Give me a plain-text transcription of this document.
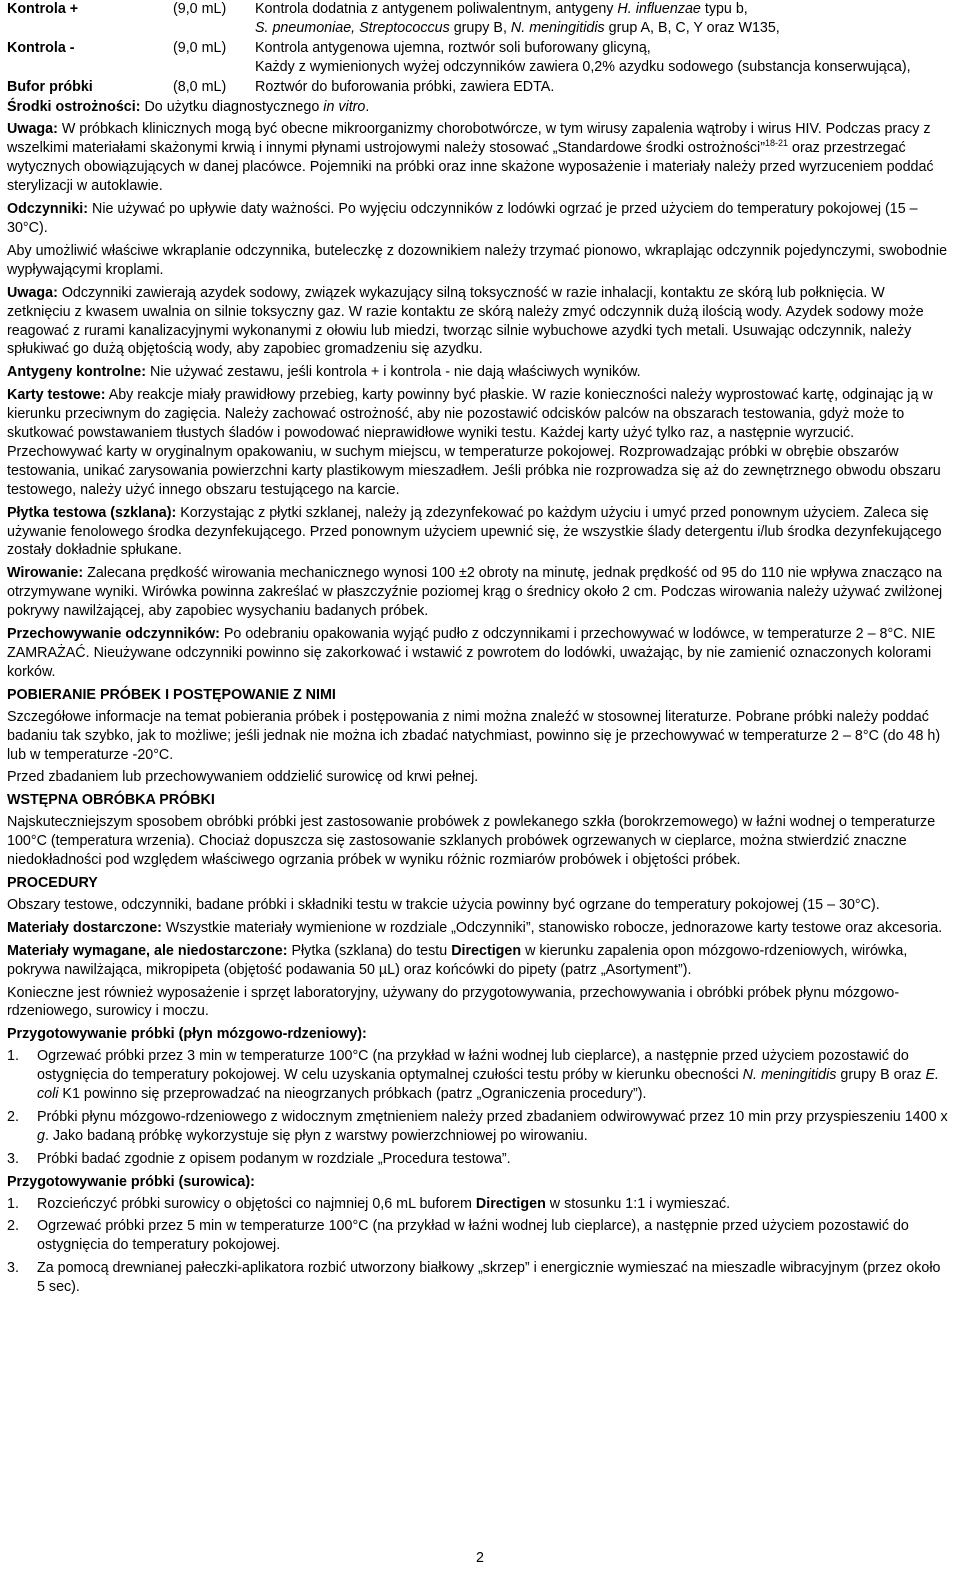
Kontrola +	(9,0 mL)	Kontrola dodatnia z antygenem poliwalentnym, antygeny H. influenzae typu b,
S. pneumoniae, Streptococcus grupy B, N. meningitidis grup A, B, C, Y oraz W135,
Kontrola -	(9,0 mL)	Kontrola antygenowa ujemna, roztwór soli buforowany glicyną,
Każdy z wymienionych wyżej odczynników zawiera 0,2% azydku sodowego (substancja konserwująca),
Bufor próbki	(8,0 mL)	Roztwór do buforowania próbki, zawiera EDTA.

Środki ostrożności: Do użytku diagnostycznego in vitro.

Uwaga: W próbkach klinicznych mogą być obecne mikroorganizmy chorobotwórcze, w tym wirusy zapalenia wątroby i wirus HIV. Podczas pracy z wszelkimi materiałami skażonymi krwią i innymi płynami ustrojowymi należy stosować „Standardowe środki ostrożności”$^{18-21}$ oraz przestrzegać wytycznych obowiązujących w danej placówce. Pojemniki na próbki oraz inne skażone wyposażenie i materiały należy przed wyrzuceniem poddać sterylizacji w autoklawie.

Odczynniki: Nie używać po upływie daty ważności. Po wyjęciu odczynników z lodówki ogrzać je przed użyciem do temperatury pokojowej (15 – 30°C).

Aby umożliwić właściwe wkraplanie odczynnika, buteleczkę z dozownikiem należy trzymać pionowo, wkraplając odczynnik pojedynczymi, swobodnie wypływającymi kroplami.

Uwaga: Odczynniki zawierają azydek sodowy, związek wykazujący silną toksyczność w razie inhalacji, kontaktu ze skórą lub połknięcia. W zetknięciu z kwasem uwalnia on silnie toksyczny gaz. W razie kontaktu ze skórą należy zmyć odczynnik dużą ilością wody. Azydek sodowy może reagować z rurami kanalizacyjnymi wykonanymi z ołowiu lub miedzi, tworząc silnie wybuchowe azydki tych metali. Usuwając odczynnik, należy spłukiwać go dużą objętością wody, aby zapobiec gromadzeniu się azydku.

Antygeny kontrolne: Nie używać zestawu, jeśli kontrola + i kontrola - nie dają właściwych wyników.

Karty testowe: Aby reakcje miały prawidłowy przebieg, karty powinny być płaskie. W razie konieczności należy wyprostować kartę, odginając ją w kierunku przeciwnym do zagięcia. Należy zachować ostrożność, aby nie pozostawić odcisków palców na obszarach testowania, gdyż może to skutkować powstawaniem tłustych śladów i powodować nieprawidłowe wyniki testu. Każdej karty użyć tylko raz, a następnie wyrzucić. Przechowywać karty w oryginalnym opakowaniu, w suchym miejscu, w temperaturze pokojowej. Rozprowadzając próbki w obrębie obszarów testowania, unikać zarysowania powierzchni karty plastikowym mieszadłem. Jeśli próbka nie rozprowadza się aż do zewnętrznego obwodu obszaru testowego, należy użyć innego obszaru testującego na karcie.

Płytka testowa (szklana): Korzystając z płytki szklanej, należy ją zdezynfekować po każdym użyciu i umyć przed ponownym użyciem. Zaleca się używanie fenolowego środka dezynfekującego. Przed ponownym użyciem upewnić się, że wszystkie ślady detergentu i/lub środka dezynfekującego zostały dokładnie spłukane.

Wirowanie: Zalecana prędkość wirowania mechanicznego wynosi 100 ±2 obroty na minutę, jednak prędkość od 95 do 110 nie wpływa znacząco na otrzymywane wyniki. Wirówka powinna zakreślać w płaszczyźnie poziomej krąg o średnicy około 2 cm. Podczas wirowania należy używać zwilżonej pokrywy nawilżającej, aby zapobiec wysychaniu badanych próbek.

Przechowywanie odczynników: Po odebraniu opakowania wyjąć pudło z odczynnikami i przechowywać w lodówce, w temperaturze 2 – 8°C. NIE ZAMRAŻAĆ. Nieużywane odczynniki powinno się zakorkować i wstawić z powrotem do lodówki, uważając, by nie zamienić oznaczonych kolorami korków.

POBIERANIE PRÓBEK I POSTĘPOWANIE Z NIMI

Szczegółowe informacje na temat pobierania próbek i postępowania z nimi można znaleźć w stosownej literaturze. Pobrane próbki należy poddać badaniu tak szybko, jak to możliwe; jeśli jednak nie można ich zbadać natychmiast, powinno się je przechowywać w temperaturze 2 – 8°C (do 48 h) lub w temperaturze -20°C.

Przed zbadaniem lub przechowywaniem oddzielić surowicę od krwi pełnej.

WSTĘPNA OBRÓBKA PRÓBKI

Najskuteczniejszym sposobem obróbki próbki jest zastosowanie probówek z powlekanego szkła (borokrzemowego) w łaźni wodnej o temperaturze 100°C (temperatura wrzenia). Chociaż dopuszcza się zastosowanie szklanych probówek ogrzewanych w cieplarce, można stwierdzić znaczne niedokładności pod względem właściwego ogrzania próbek w wyniku różnic rozmiarów probówek i objętości próbek.

PROCEDURY

Obszary testowe, odczynniki, badane próbki i składniki testu w trakcie użycia powinny być ogrzane do temperatury pokojowej (15 – 30°C).

Materiały dostarczone: Wszystkie materiały wymienione w rozdziale „Odczynniki”, stanowisko robocze, jednorazowe karty testowe oraz akcesoria.

Materiały wymagane, ale niedostarczone: Płytka (szklana) do testu Directigen w kierunku zapalenia opon mózgowo-rdzeniowych, wirówka, pokrywa nawilżająca, mikropipeta (objętość podawania 50 µL) oraz końcówki do pipety (patrz „Asortyment”).

Konieczne jest również wyposażenie i sprzęt laboratoryjny, używany do przygotowywania, przechowywania i obróbki próbek płynu mózgowo-rdzeniowego, surowicy i moczu.

Przygotowywanie próbki (płyn mózgowo-rdzeniowy):
1.	Ogrzewać próbki przez 3 min w temperaturze 100°C (na przykład w łaźni wodnej lub cieplarce), a następnie przed użyciem pozostawić do ostygnięcia do temperatury pokojowej. W celu uzyskania optymalnej czułości testu próby w kierunku obecności N. meningitidis grupy B oraz E. coli K1 powinno się przeprowadzać na nieogrzanych próbkach (patrz „Ograniczenia procedury”).
2.	Próbki płynu mózgowo-rdzeniowego z widocznym zmętnieniem należy przed zbadaniem odwirowywać przez 10 min przy przyspieszeniu 1400 x g. Jako badaną próbkę wykorzystuje się płyn z warstwy powierzchniowej po wirowaniu.
3.	Próbki badać zgodnie z opisem podanym w rozdziale „Procedura testowa”.
Przygotowywanie próbki (surowica):
1.	Rozcieńczyć próbki surowicy o objętości co najmniej 0,6 mL buforem Directigen w stosunku 1:1 i wymieszać.
2.	Ogrzewać próbki przez 5 min w temperaturze 100°C (na przykład w łaźni wodnej lub cieplarce), a następnie przed użyciem pozostawić do ostygnięcia do temperatury pokojowej.
3.	Za pomocą drewnianej pałeczki-aplikatora rozbić utworzony białkowy „skrzep” i energicznie wymieszać na mieszadle wibracyjnym (przez około 5 sec).
2
